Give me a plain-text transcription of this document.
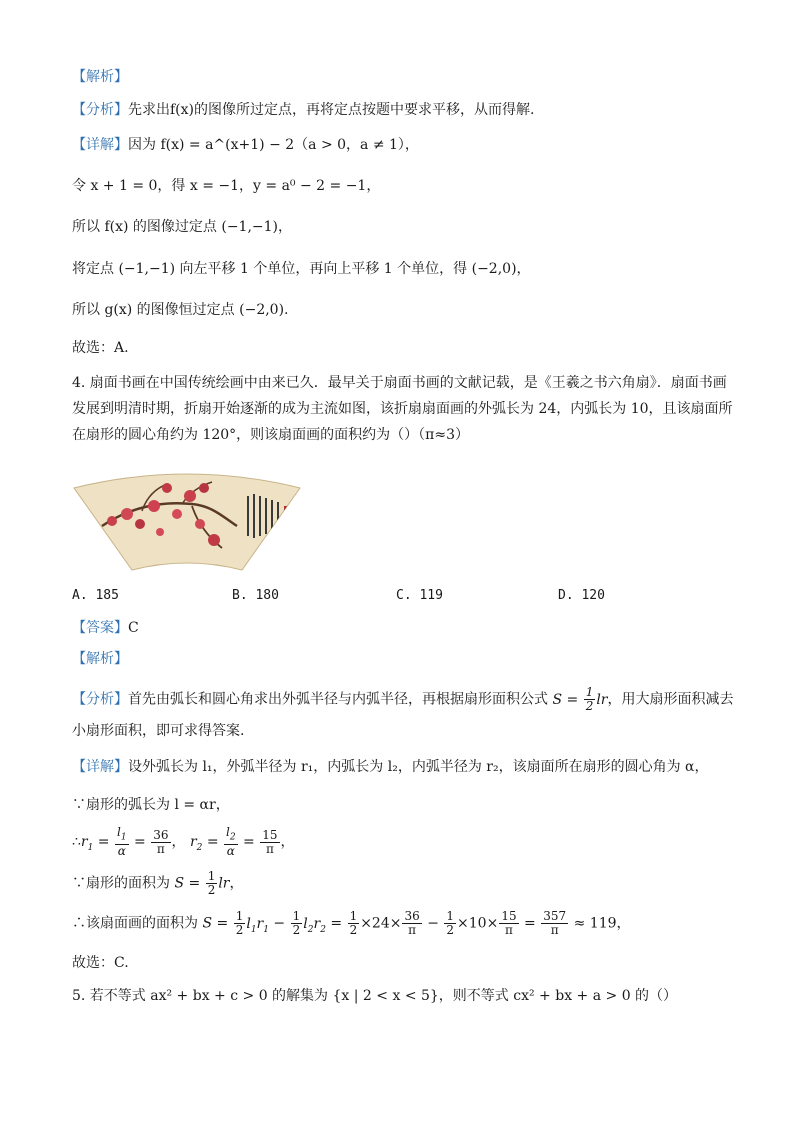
【解析】
【分析】先求出f(x)的图像所过定点，再将定点按题中要求平移，从而得解.
【详解】因为 f(x) = a^(x+1) − 2（a > 0，a ≠ 1），
令 x + 1 = 0，得 x = −1，y = a⁰ − 2 = −1，
所以 f(x) 的图像过定点 (−1,−1)，
将定点 (−1,−1) 向左平移 1 个单位，再向上平移 1 个单位，得 (−2,0)，
所以 g(x) 的图像恒过定点 (−2,0).
故选：A.
4. 扇面书画在中国传统绘画中由来已久．最早关于扇面书画的文献记载，是《王羲之书六角扇》．扇面书画
发展到明清时期，折扇开始逐渐的成为主流如图，该折扇扇面画的外弧长为 24，内弧长为 10，且该扇面所
在扇形的圆心角约为 120°，则该扇面画的面积约为（）（π≈3）
A. 185	B. 180	C. 119	D. 120
【答案】C
【解析】
【分析】首先由弧长和圆心角求出外弧半径与内弧半径，再根据扇形面积公式 $S = \frac{1}{2}$ lr，用大扇形面积减去
小扇形面积，即可求得答案.
【详解】设外弧长为 l₁，外弧半径为 r₁，内弧长为 l₂，内弧半径为 r₂，该扇面所在扇形的圆心角为 α，
∵扇形的弧长为 l = αr，
$\therefore r_1 = \frac{l_1}{\alpha} = \frac{36}{\pi}$ ， $r_2 = \frac{l_2}{\alpha} = \frac{15}{\pi}$ ，
∵扇形的面积为 $S = \frac{1}{2}$ lr，
∴该扇面画的面积为 $S = \frac{1}{2} l_1r_1 - \frac{1}{2} l_2r_2 = \frac{1}{2} \times 24\times \frac{36}{\pi} - \frac{1}{2} \times 10\times \frac{15}{\pi} = \frac{357}{\pi} \approx 119$，
故选：C.
5. 若不等式 ax² + bx + c > 0 的解集为 {x | 2 < x < 5}，则不等式 cx² + bx + a > 0 的（）
